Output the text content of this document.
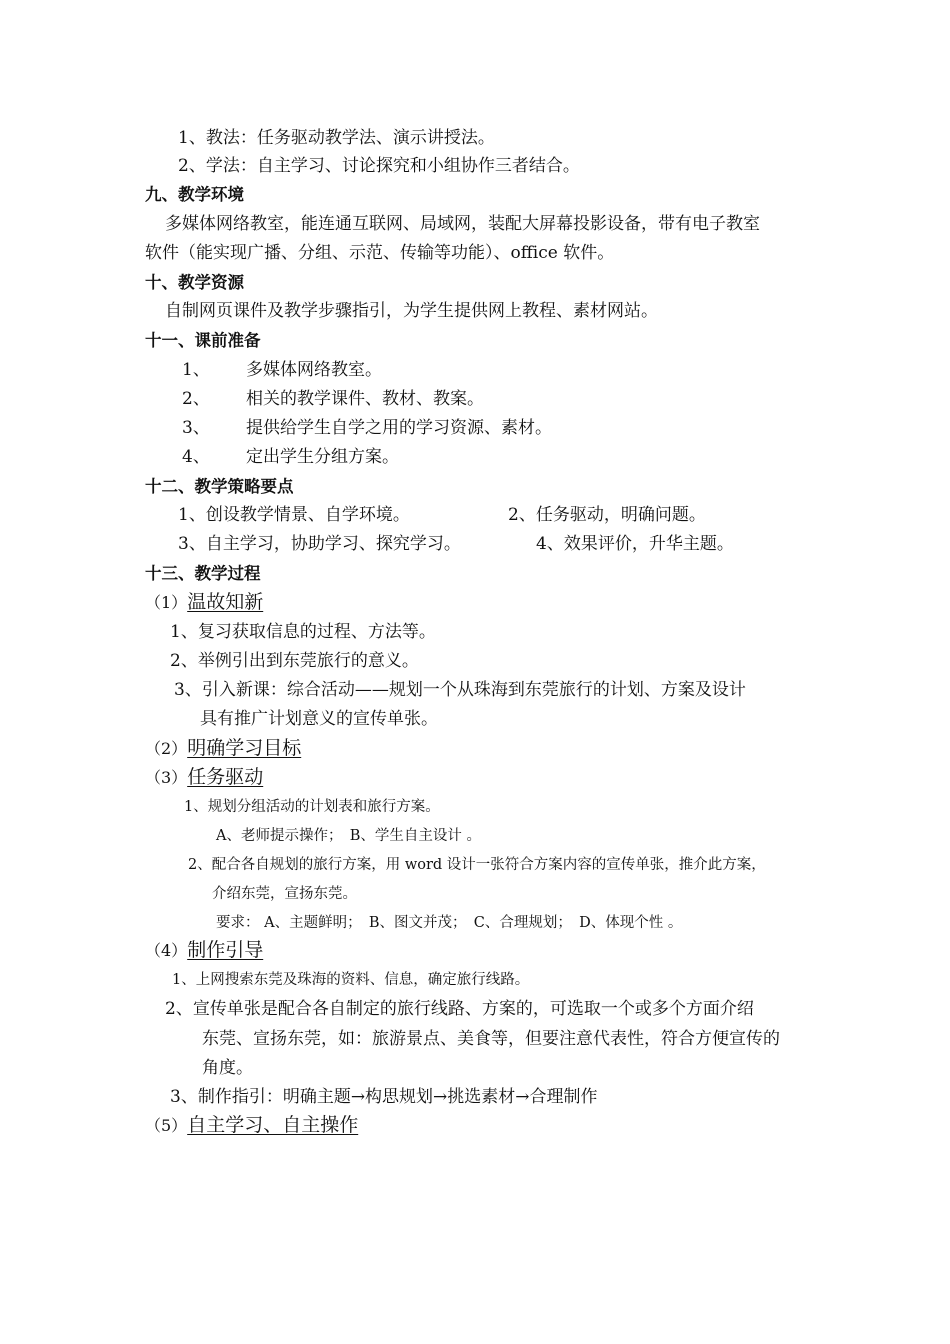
1、教法：任务驱动教学法、演示讲授法。
2、学法：自主学习、讨论探究和小组协作三者结合。
九、教学环境
多媒体网络教室，能连通互联网、局域网，装配大屏幕投影设备，带有电子教室
软件（能实现广播、分组、示范、传输等功能）、office 软件。
十、教学资源
自制网页课件及教学步骤指引，为学生提供网上教程、素材网站。
十一、课前准备
1、 多媒体网络教室。
2、 相关的教学课件、教材、教案。
3、 提供给学生自学之用的学习资源、素材。
4、 定出学生分组方案。
十二、教学策略要点
1、创设教学情景、自学环境。	2、任务驱动，明确问题。
3、自主学习，协助学习、探究学习。	4、效果评价，升华主题。
十三、教学过程
（1）温故知新
1、复习获取信息的过程、方法等。
2、举例引出到东莞旅行的意义。
3、引入新课：综合活动——规划一个从珠海到东莞旅行的计划、方案及设计
具有推广计划意义的宣传单张。
（2）明确学习目标
（3）任务驱动
1、规划分组活动的计划表和旅行方案。
A、老师提示操作；　B、学生自主设计 。
2、配合各自规划的旅行方案，用 word 设计一张符合方案内容的宣传单张，推介此方案，
介绍东莞，宣扬东莞。
要求： A、主题鲜明；　B、图文并茂；　C、合理规划；　D、体现个性 。
（4）制作引导
1、上网搜索东莞及珠海的资料、信息，确定旅行线路。
2、宣传单张是配合各自制定的旅行线路、方案的，可选取一个或多个方面介绍
东莞、宣扬东莞，如：旅游景点、美食等，但要注意代表性，符合方便宣传的
角度。
3、制作指引：明确主题→构思规划→挑选素材→合理制作
（5）自主学习、自主操作
